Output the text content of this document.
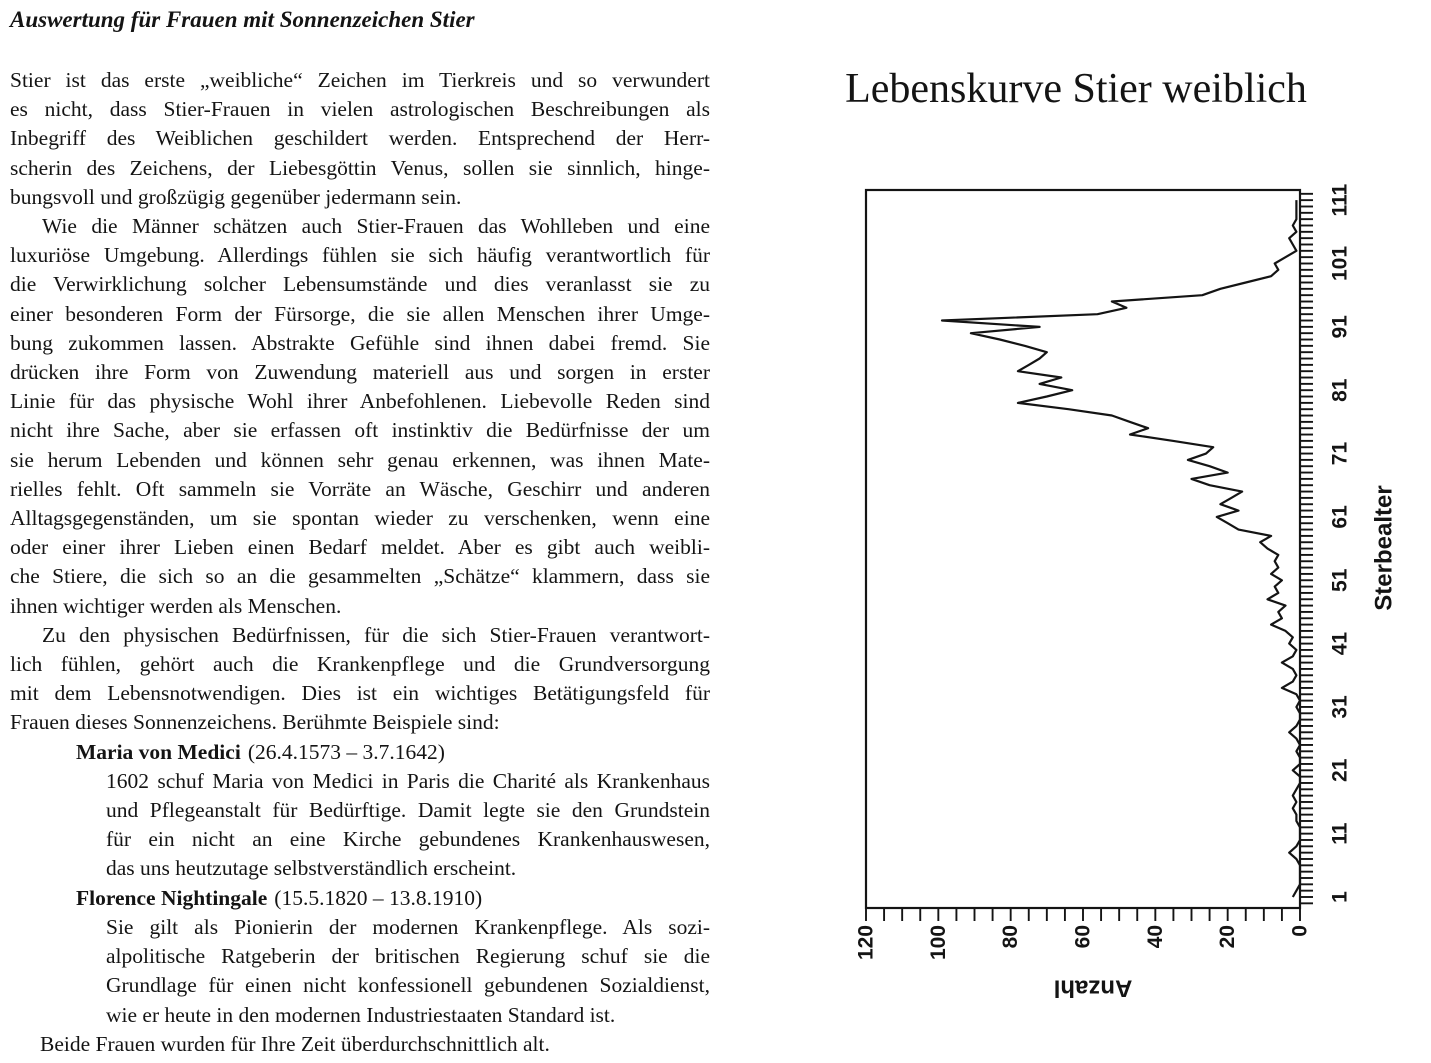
Auswertung für Frauen mit Sonnenzeichen Stier
Stier ist das erste „weibliche“ Zeichen im Tierkreis und so verwundert
es nicht, dass Stier-Frauen in vielen astrologischen Beschreibungen als
Inbegriff des Weiblichen geschildert werden. Entsprechend der Herr-
scherin des Zeichens, der Liebesgöttin Venus, sollen sie sinnlich, hinge-
bungsvoll und großzügig gegenüber jedermann sein.
Wie die Männer schätzen auch Stier-Frauen das Wohlleben und eine
luxuriöse Umgebung. Allerdings fühlen sie sich häufig verantwortlich für
die Verwirklichung solcher Lebensumstände und dies veranlasst sie zu
einer besonderen Form der Fürsorge, die sie allen Menschen ihrer Umge-
bung zukommen lassen. Abstrakte Gefühle sind ihnen dabei fremd. Sie
drücken ihre Form von Zuwendung materiell aus und sorgen in erster
Linie für das physische Wohl ihrer Anbefohlenen. Liebevolle Reden sind
nicht ihre Sache, aber sie erfassen oft instinktiv die Bedürfnisse der um
sie herum Lebenden und können sehr genau erkennen, was ihnen Mate-
rielles fehlt. Oft sammeln sie Vorräte an Wäsche, Geschirr und anderen
Alltagsgegenständen, um sie spontan wieder zu verschenken, wenn eine
oder einer ihrer Lieben einen Bedarf meldet. Aber es gibt auch weibli-
che Stiere, die sich so an die gesammelten „Schätze“ klammern, dass sie
ihnen wichtiger werden als Menschen.
Zu den physischen Bedürfnissen, für die sich Stier-Frauen verantwort-
lich fühlen, gehört auch die Krankenpflege und die Grundversorgung
mit dem Lebensnotwendigen. Dies ist ein wichtiges Betätigungsfeld für
Frauen dieses Sonnenzeichens. Berühmte Beispiele sind:
Maria von Medici (26.4.1573 – 3.7.1642)
1602 schuf Maria von Medici in Paris die Charité als Krankenhaus
und Pflegeanstalt für Bedürftige. Damit legte sie den Grundstein
für ein nicht an eine Kirche gebundenes Krankenhauswesen,
das uns heutzutage selbstverständlich erscheint.
Florence Nightingale (15.5.1820 – 13.8.1910)
Sie gilt als Pionierin der modernen Krankenpflege. Als sozi-
alpolitische Ratgeberin der britischen Regierung schuf sie die
Grundlage für einen nicht konfessionell gebundenen Sozialdienst,
wie er heute in den modernen Industriestaaten Standard ist.
Beide Frauen wurden für Ihre Zeit überdurchschnittlich alt.
Lebenskurve Stier weiblich
1
11
21
31
41
51
61
71
81
91
101
111
Sterbealter
120 100 80 60 40 20 0
Anzahl
